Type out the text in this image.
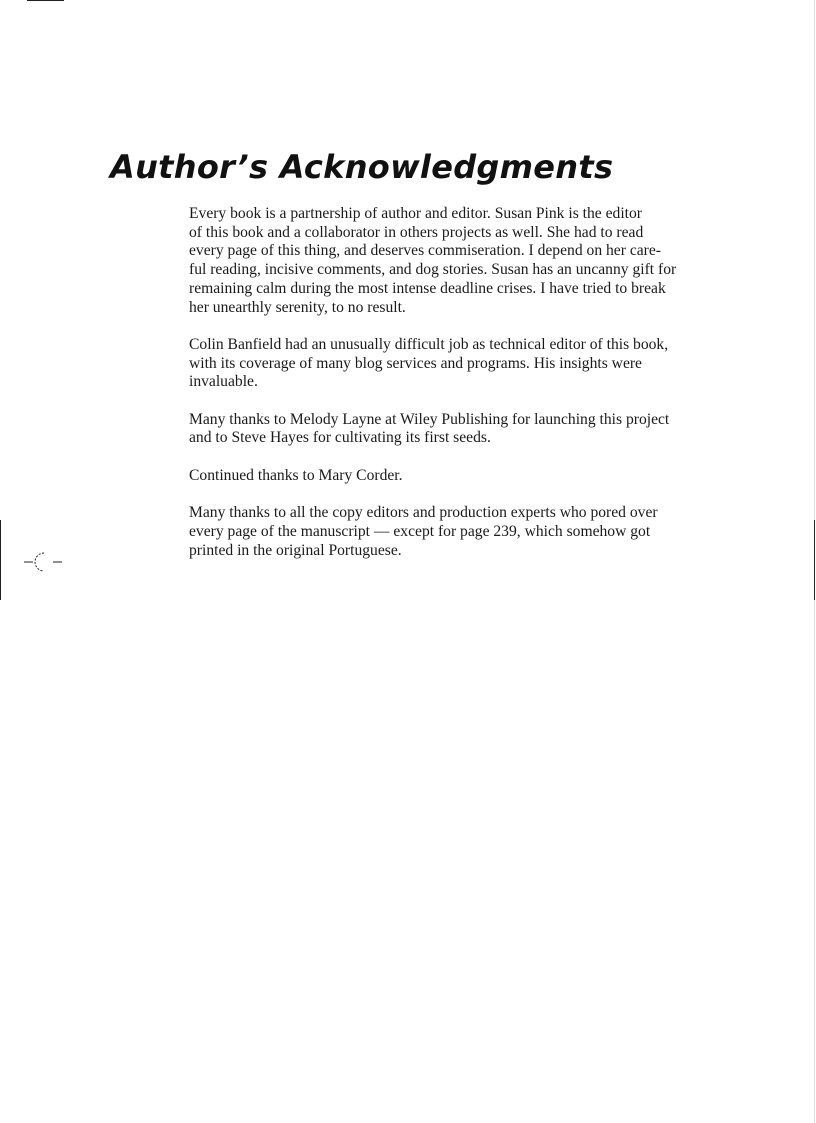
Author’s Acknowledgments

Every book is a partnership of author and editor. Susan Pink is the editor
of this book and a collaborator in others projects as well. She had to read
every page of this thing, and deserves commiseration. I depend on her care-
ful reading, incisive comments, and dog stories. Susan has an uncanny gift for
remaining calm during the most intense deadline crises. I have tried to break
her unearthly serenity, to no result.

Colin Banfield had an unusually difficult job as technical editor of this book,
with its coverage of many blog services and programs. His insights were
invaluable.

Many thanks to Melody Layne at Wiley Publishing for launching this project
and to Steve Hayes for cultivating its first seeds.

Continued thanks to Mary Corder.

Many thanks to all the copy editors and production experts who pored over
every page of the manuscript — except for page 239, which somehow got
printed in the original Portuguese.
